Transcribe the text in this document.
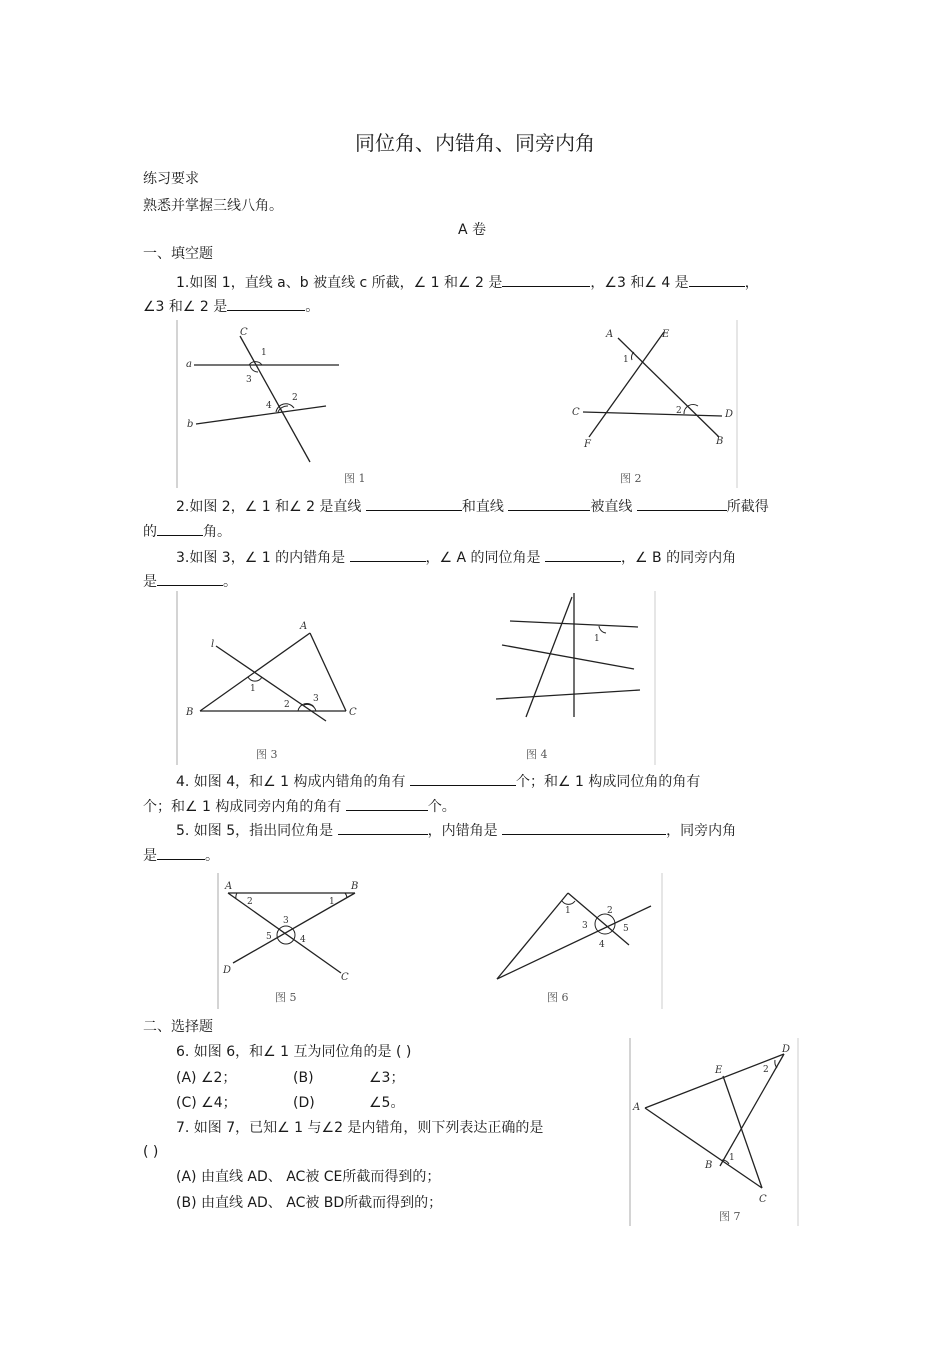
同位角、内错角、同旁内角
练习要求
熟悉并掌握三线八角。
A 卷
一、填空题
1.如图 1，直线 a、b 被直线 c 所截，∠ 1 和∠ 2 是	，∠3 和∠ 4 是	，
∠3 和∠ 2 是	。
C
a
b
1
3
4
2
图 1
A	E
C	D
F	B
1
2
图 2
2.如图 2，∠ 1 和∠ 2 是直线	和直线	被直线	所截得
的	角。
3.如图 3，∠ 1 的内错角是	，∠ A 的同位角是	，∠ B 的同旁内角
是	。
l
A
B	C
1
2
3
图 3
1
图 4
4. 如图 4，和∠ 1 构成内错角的角有	个；和∠ 1 构成同位角的角有
个；和∠ 1 构成同旁内角的角有	个。
5. 如图 5，指出同位角是	，内错角是	，同旁内角
是	。
A	B
D
C
2	1
3
5	4
图 5
1
3
2
5
4
图 6
二、选择题
6. 如图 6，和∠ 1 互为同位角的是 ( )
(A) ∠2；	(B)	∠3；
(C) ∠4；	(D)	∠5。
7. 如图 7，已知∠ 1 与∠2 是内错角，则下列表达正确的是
( )
(A) 由直线 AD、 AC被 CE所截而得到的；
(B) 由直线 AD、 AC被 BD所截而得到的；
D
E
A
B
C
2
1
图 7
